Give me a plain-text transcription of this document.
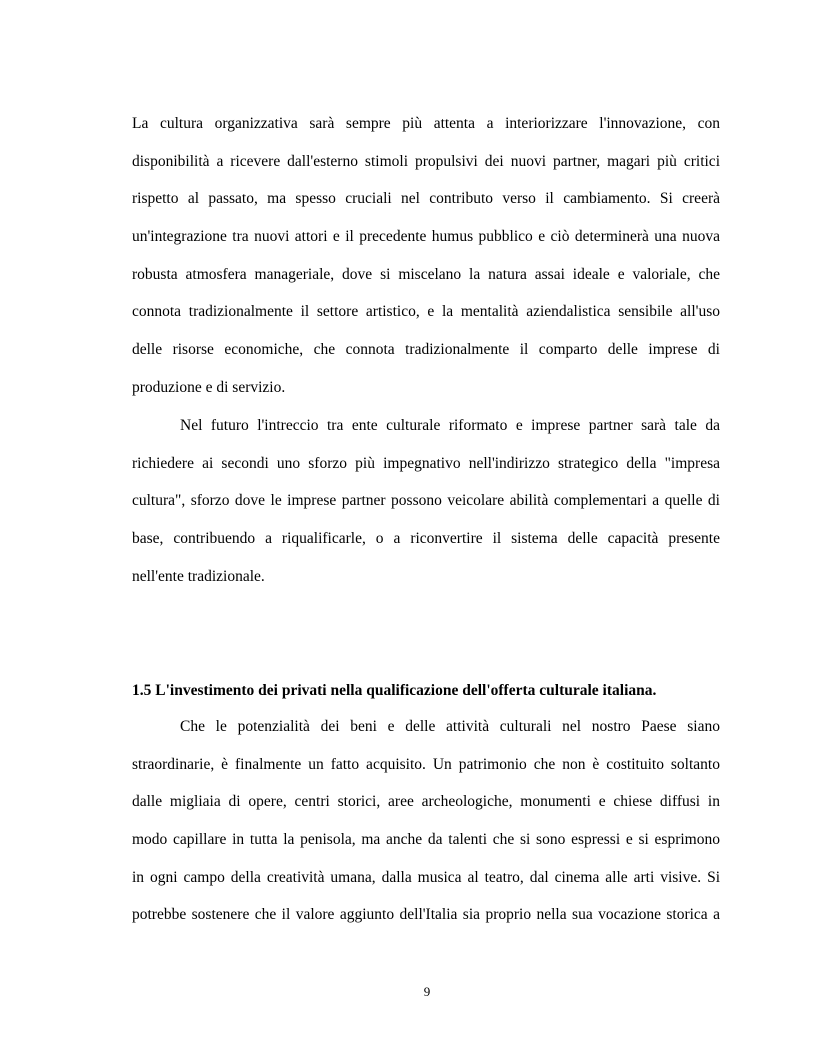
La cultura organizzativa sarà sempre più attenta a interiorizzare l'innovazione, con
disponibilità a ricevere dall'esterno stimoli propulsivi dei nuovi partner, magari più critici
rispetto al passato, ma spesso cruciali nel contributo verso il cambiamento. Si creerà
un'integrazione tra nuovi attori e il precedente humus pubblico e ciò determinerà una nuova
robusta atmosfera manageriale, dove si miscelano la natura assai ideale e valoriale, che
connota tradizionalmente il settore artistico, e la mentalità aziendalistica sensibile all'uso
delle risorse economiche, che connota tradizionalmente il comparto delle imprese di
produzione e di servizio.
Nel futuro l'intreccio tra ente culturale riformato e imprese partner sarà tale da
richiedere ai secondi uno sforzo più impegnativo nell'indirizzo strategico della "impresa
cultura", sforzo dove le imprese partner possono veicolare abilità complementari a quelle di
base, contribuendo a riqualificarle, o a riconvertire il sistema delle capacità presente
nell'ente tradizionale.
1.5 L'investimento dei privati nella qualificazione dell'offerta culturale italiana.
Che le potenzialità dei beni e delle attività culturali nel nostro Paese siano
straordinarie, è finalmente un fatto acquisito. Un patrimonio che non è costituito soltanto
dalle migliaia di opere, centri storici, aree archeologiche, monumenti e chiese diffusi in
modo capillare in tutta la penisola, ma anche da talenti che si sono espressi e si esprimono
in ogni campo della creatività umana, dalla musica al teatro, dal cinema alle arti visive. Si
potrebbe sostenere che il valore aggiunto dell'Italia sia proprio nella sua vocazione storica a
9
